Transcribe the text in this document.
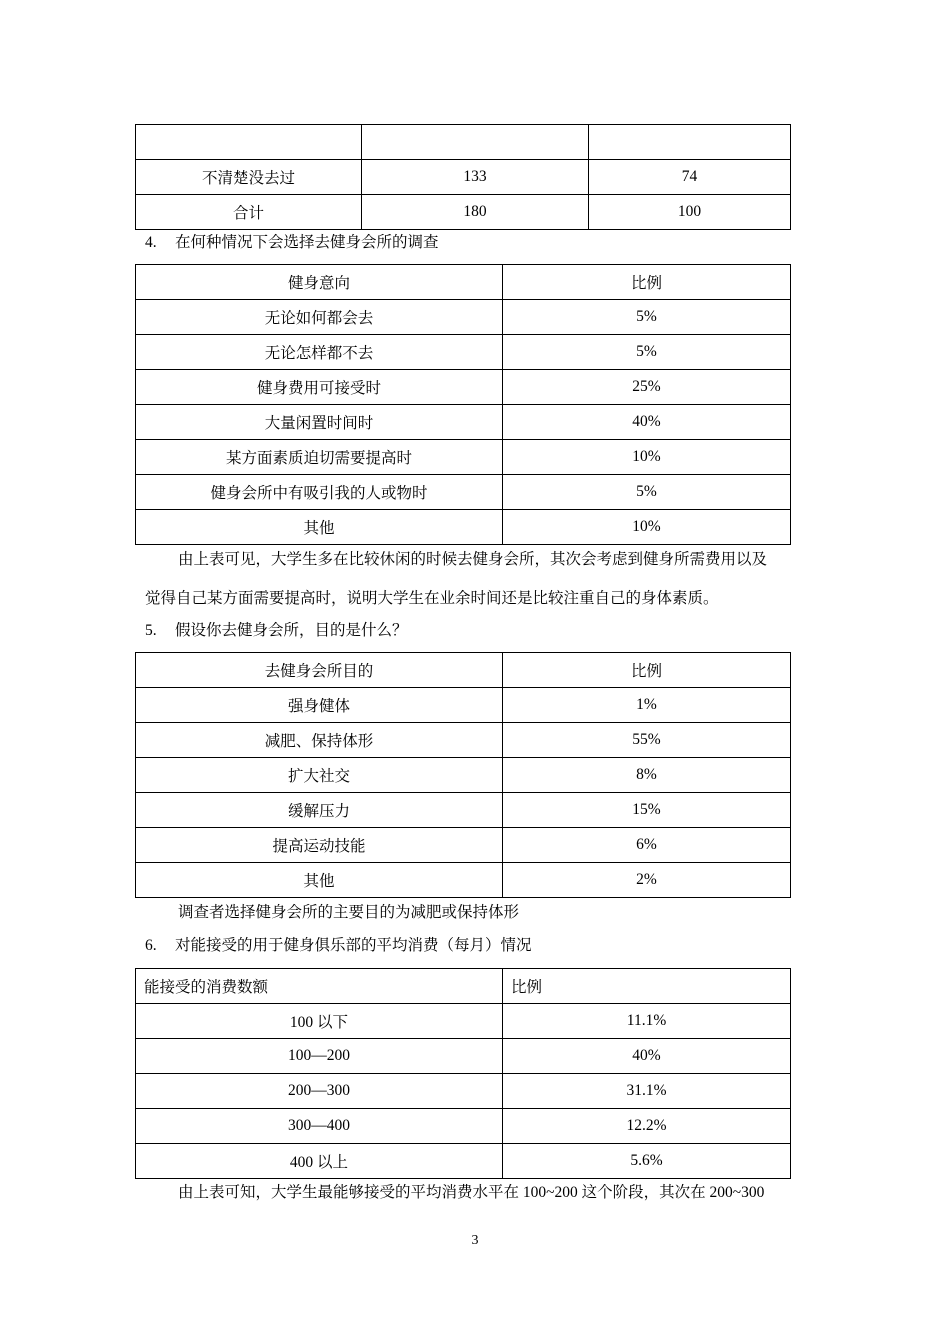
不清楚没去过	133	74
合计	180	100
4. 在何种情况下会选择去健身会所的调查
健身意向	比例
无论如何都会去	5%
无论怎样都不去	5%
健身费用可接受时	25%
大量闲置时间时	40%
某方面素质迫切需要提高时	10%
健身会所中有吸引我的人或物时	5%
其他	10%
由上表可见，大学生多在比较休闲的时候去健身会所，其次会考虑到健身所需费用以及
觉得自己某方面需要提高时，说明大学生在业余时间还是比较注重自己的身体素质。
5. 假设你去健身会所，目的是什么？
去健身会所目的	比例
强身健体	1%
减肥、保持体形	55%
扩大社交	8%
缓解压力	15%
提高运动技能	6%
其他	2%
调查者选择健身会所的主要目的为减肥或保持体形
6. 对能接受的用于健身俱乐部的平均消费（每月）情况
能接受的消费数额	比例
100 以下	11.1%
100—200	40%
200—300	31.1%
300—400	12.2%
400 以上	5.6%
由上表可知，大学生最能够接受的平均消费水平在 100~200 这个阶段，其次在 200~300
3
